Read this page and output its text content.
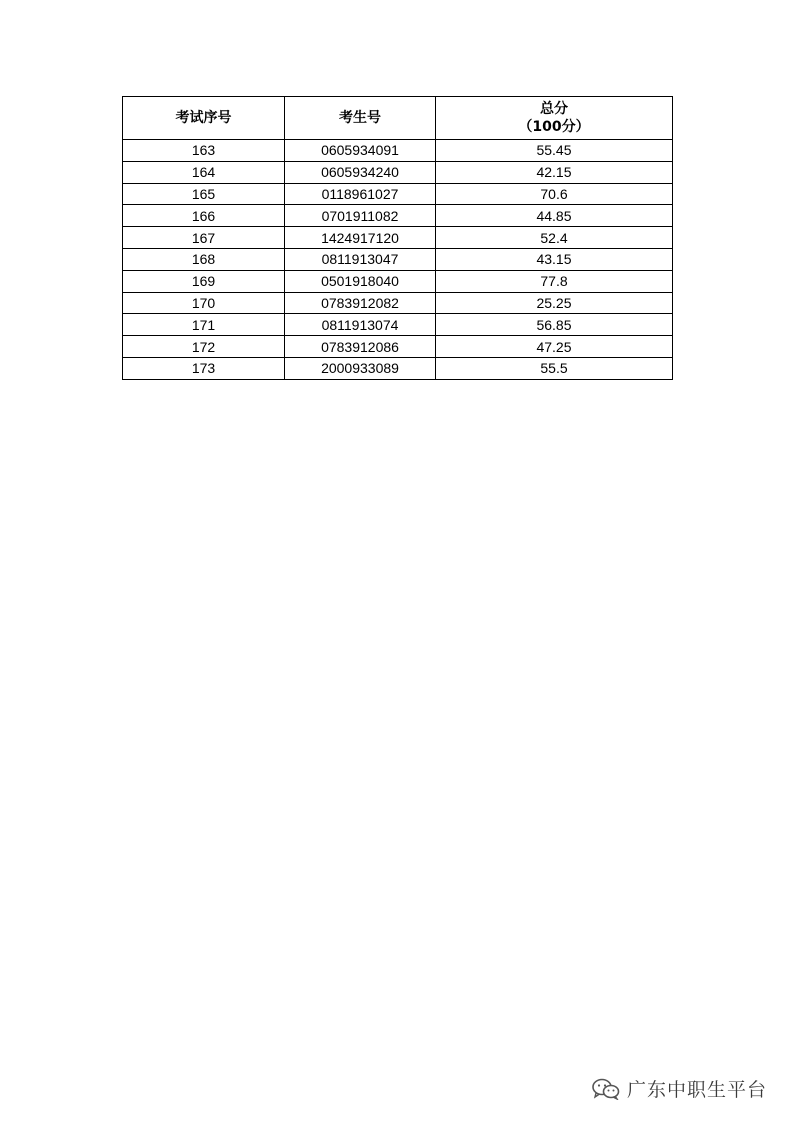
考试序号	考生号	总分
（100分）

163	0605934091	55.45
164	0605934240	42.15
165	0118961027	70.6
166	0701911082	44.85
167	1424917120	52.4
168	0811913047	43.15
169	0501918040	77.8
170	0783912082	25.25
171	0811913074	56.85
172	0783912086	47.25
173	2000933089	55.5
广东中职生平台
